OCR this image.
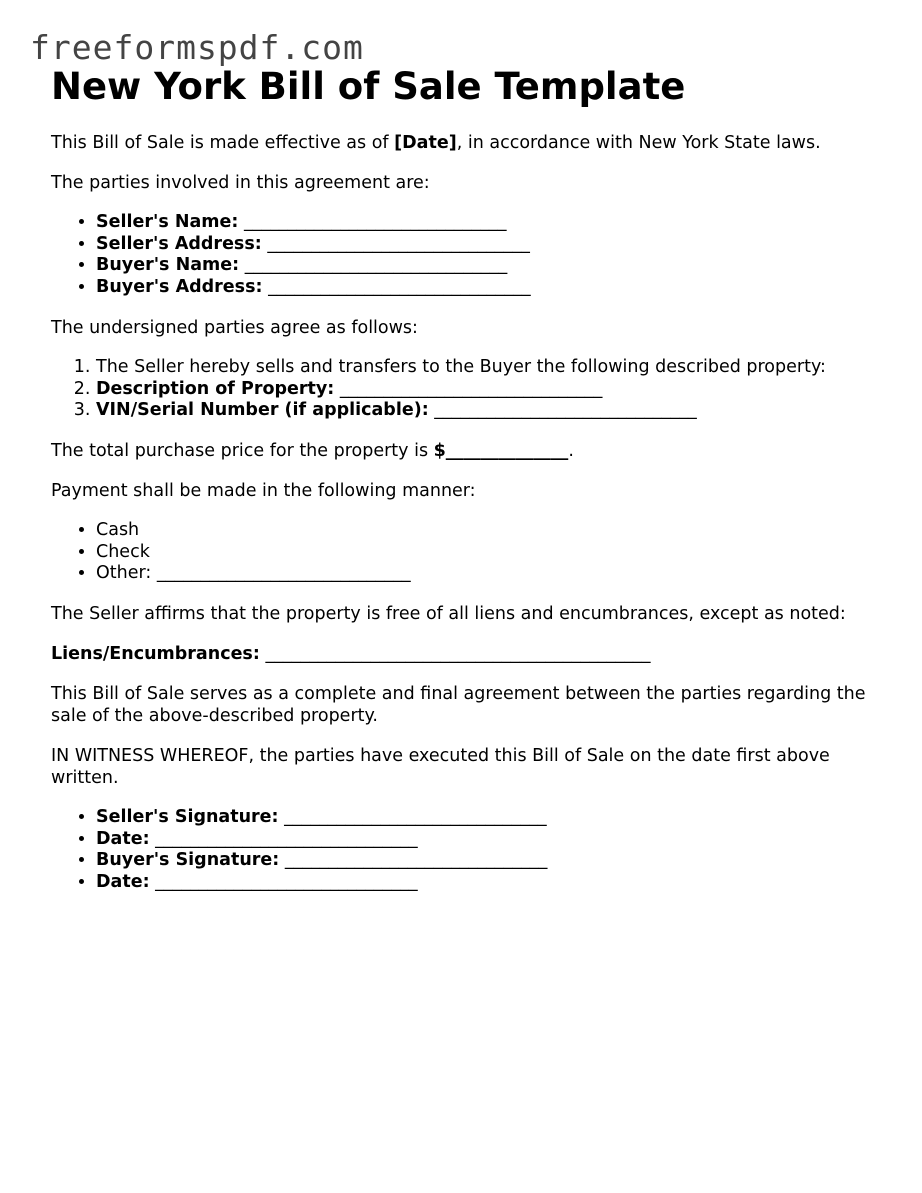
freeformspdf.com
New York Bill of Sale Template

This Bill of Sale is made effective as of [Date], in accordance with New York State laws.

The parties involved in this agreement are:

• Seller's Name: ______________________________
• Seller's Address: ______________________________
• Buyer's Name: ______________________________
• Buyer's Address: ______________________________

The undersigned parties agree as follows:

1. The Seller hereby sells and transfers to the Buyer the following described property:
2. Description of Property: ______________________________
3. VIN/Serial Number (if applicable): ______________________________

The total purchase price for the property is $______________.

Payment shall be made in the following manner:

• Cash
• Check
• Other: _____________________________

The Seller affirms that the property is free of all liens and encumbrances, except as noted:

Liens/Encumbrances: ____________________________________________

This Bill of Sale serves as a complete and final agreement between the parties regarding the sale of the above-described property.

IN WITNESS WHEREOF, the parties have executed this Bill of Sale on the date first above written.

• Seller's Signature: ______________________________
• Date: ______________________________
• Buyer's Signature: ______________________________
• Date: ______________________________
